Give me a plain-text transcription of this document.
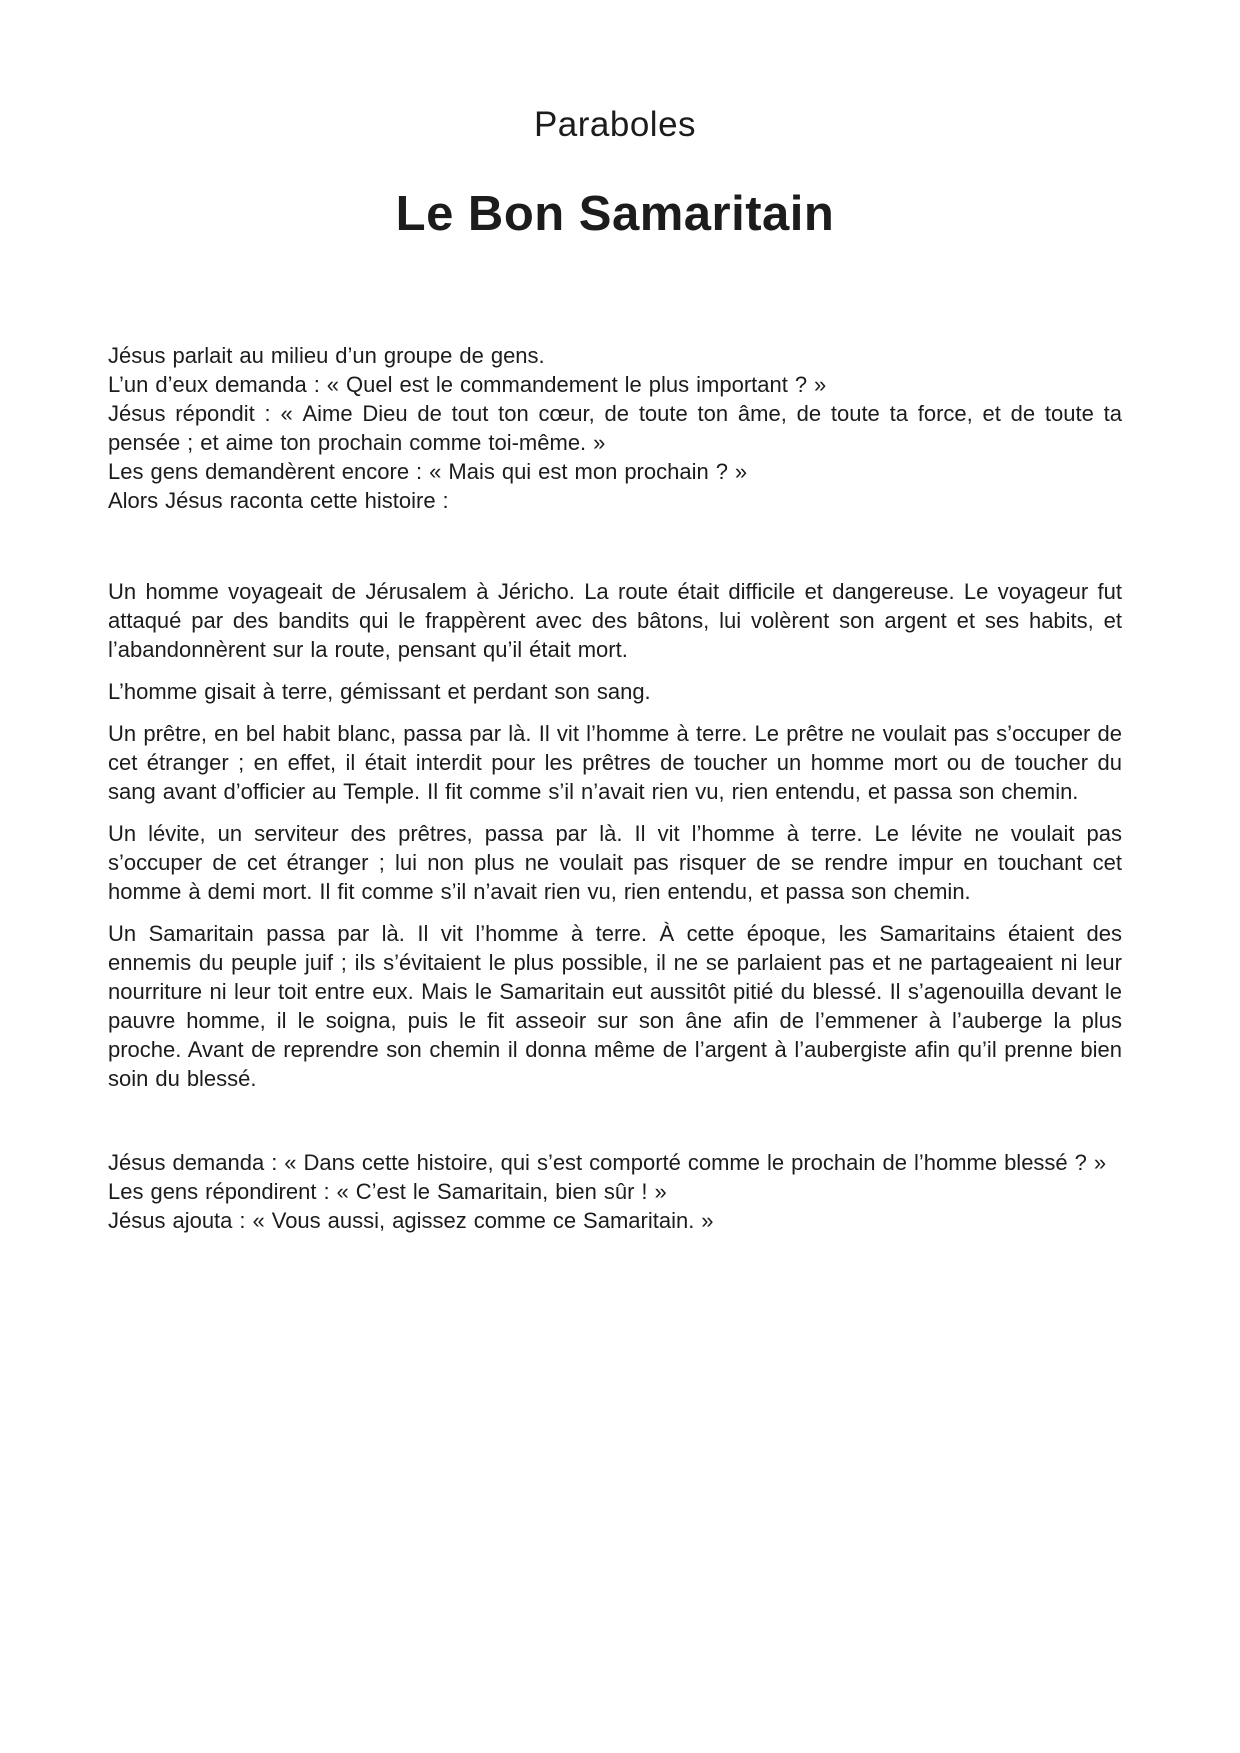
Paraboles
Le Bon Samaritain
Jésus parlait au milieu d’un groupe de gens.
L’un d’eux demanda : « Quel est le commandement le plus important ? »
Jésus répondit : « Aime Dieu de tout ton cœur, de toute ton âme, de toute ta force, et de toute ta pensée ; et aime ton prochain comme toi-même. »
Les gens demandèrent encore : « Mais qui est mon prochain ? »
Alors Jésus raconta cette histoire :

Un homme voyageait de Jérusalem à Jéricho. La route était difficile et dangereuse. Le voyageur fut attaqué par des bandits qui le frappèrent avec des bâtons, lui volèrent son argent et ses habits, et l’abandonnèrent sur la route, pensant qu’il était mort.

L’homme gisait à terre, gémissant et perdant son sang.

Un prêtre, en bel habit blanc, passa par là. Il vit l’homme à terre. Le prêtre ne voulait pas s’occuper de cet étranger ; en effet, il était interdit pour les prêtres de toucher un homme mort ou de toucher du sang avant d’officier au Temple. Il fit comme s’il n’avait rien vu, rien entendu, et passa son chemin.

Un lévite, un serviteur des prêtres, passa par là. Il vit l’homme à terre. Le lévite ne voulait pas s’occuper de cet étranger ; lui non plus ne voulait pas risquer de se rendre impur en touchant cet homme à demi mort. Il fit comme s’il n’avait rien vu, rien entendu, et passa son chemin.

Un Samaritain passa par là. Il vit l’homme à terre. À cette époque, les Samaritains étaient des ennemis du peuple juif ; ils s’évitaient le plus possible, il ne se parlaient pas et ne partageaient ni leur nourriture ni leur toit entre eux. Mais le Samaritain eut aussitôt pitié du blessé. Il s’agenouilla devant le pauvre homme, il le soigna, puis le fit asseoir sur son âne afin de l’emmener à l’auberge la plus proche. Avant de reprendre son chemin il donna même de l’argent à l’aubergiste afin qu’il prenne bien soin du blessé.

Jésus demanda : « Dans cette histoire, qui s’est comporté comme le prochain de l’homme blessé ? »
Les gens répondirent : « C’est le Samaritain, bien sûr ! »
Jésus ajouta : « Vous aussi, agissez comme ce Samaritain. »
